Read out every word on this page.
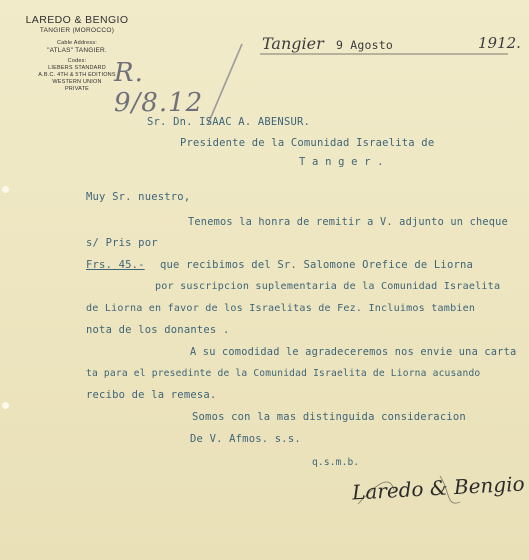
LAREDO & BENGIO
TANGIER (MOROCCO)
Cable Address:
"ATLAS" TANGIER.
Codes:
LIEBERS STANDARD
A.B.C. 4TH & 5TH EDITIONS
WESTERN UNION
PRIVATE
Tangier 9 Agosto	1912.
R. 9/8.12
Sr. Dn. ISAAC A. ABENSUR.
Presidente de la Comunidad Israelita de
T a n g e r .
Muy Sr. nuestro,
Tenemos la honra de remitir a V. adjunto un cheque
s/ Pris por
Frs. 45.- que recibimos del Sr. Salomone Orefice de Liorna
por suscripcion suplementaria de la Comunidad Israelita
de Liorna en favor de los Israelitas de Fez. Incluimos tambien
nota de los donantes .
A su comodidad le agradeceremos nos envie una carta
ta para el presedinte de la Comunidad Israelita de Liorna acusando
recibo de la remesa.
Somos con la mas distinguida consideracion
De V. Afmos. s.s.
q.s.m.b.
Laredo & Bengio
